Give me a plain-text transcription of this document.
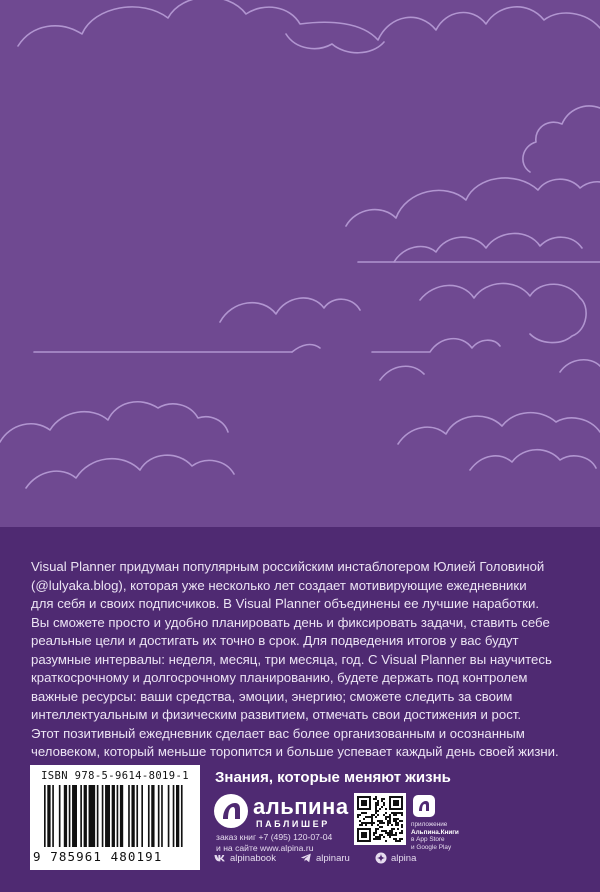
Visual Planner придуман популярным российским инстаблогером Юлией Головиной
(@lulyaka.blog), которая уже несколько лет создает мотивирующие ежедневники
для себя и своих подписчиков. В Visual Planner объединены ее лучшие наработки.
Вы сможете просто и удобно планировать день и фиксировать задачи, ставить себе
реальные цели и достигать их точно в срок. Для подведения итогов у вас будут
разумные интервалы: неделя, месяц, три месяца, год. С Visual Planner вы научитесь
краткосрочному и долгосрочному планированию, будете держать под контролем
важные ресурсы: ваши средства, эмоции, энергию; сможете следить за своим
интеллектуальным и физическим развитием, отмечать свои достижения и рост.
Этот позитивный ежедневник сделает вас более организованным и осознанным
человеком, который меньше торопится и больше успевает каждый день своей жизни.
ISBN 978-5-9614-8019-1
9 785961 480191
Знания, которые меняют жизнь
альпина
ПАБЛИШЕР
заказ книг +7 (495) 120-07-04
и на сайте www.alpina.ru
приложение
Альпина.Книги
в App Store
и Google Play
alpinabook	alpinaru	alpina
